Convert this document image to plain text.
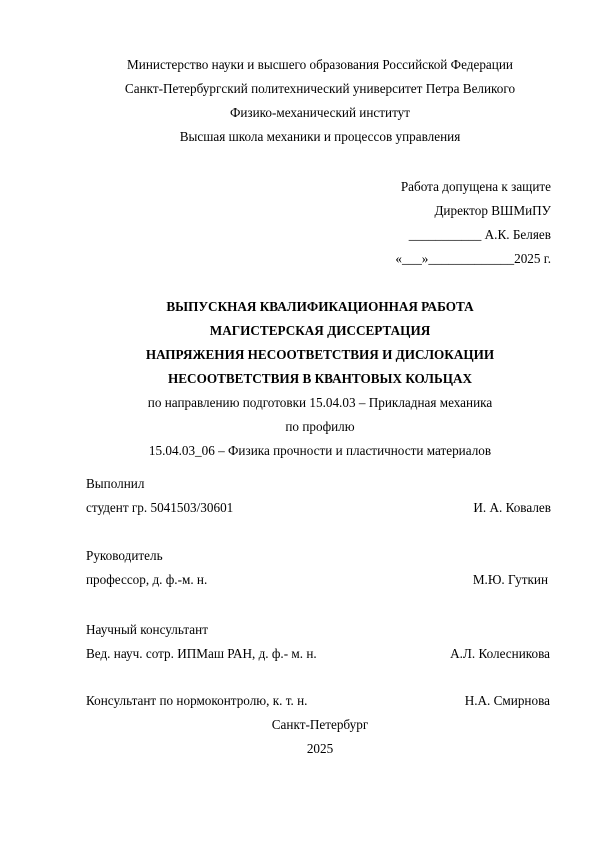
Министерство науки и высшего образования Российской Федерации
Санкт-Петербургский политехнический университет Петра Великого
Физико-механический институт
Высшая школа механики и процессов управления
Работа допущена к защите
Директор ВШМиПУ
___________ А.К. Беляев
«___»_____________2025 г.
ВЫПУСКНАЯ КВАЛИФИКАЦИОННАЯ РАБОТА
МАГИСТЕРСКАЯ ДИССЕРТАЦИЯ
НАПРЯЖЕНИЯ НЕСООТВЕТСТВИЯ И ДИСЛОКАЦИИ
НЕСООТВЕТСТВИЯ В КВАНТОВЫХ КОЛЬЦАХ
по направлению подготовки 15.04.03 – Прикладная механика
по профилю
15.04.03_06 – Физика прочности и пластичности материалов
Выполнил
студент гр. 5041503/30601	И. А. Ковалев
Руководитель
профессор, д. ф.-м. н.	М.Ю. Гуткин
Научный консультант
Вед. науч. сотр. ИПМаш РАН, д. ф.- м. н.	А.Л. Колесникова
Консультант по нормоконтролю, к. т. н.	Н.А. Смирнова
Санкт-Петербург
2025
